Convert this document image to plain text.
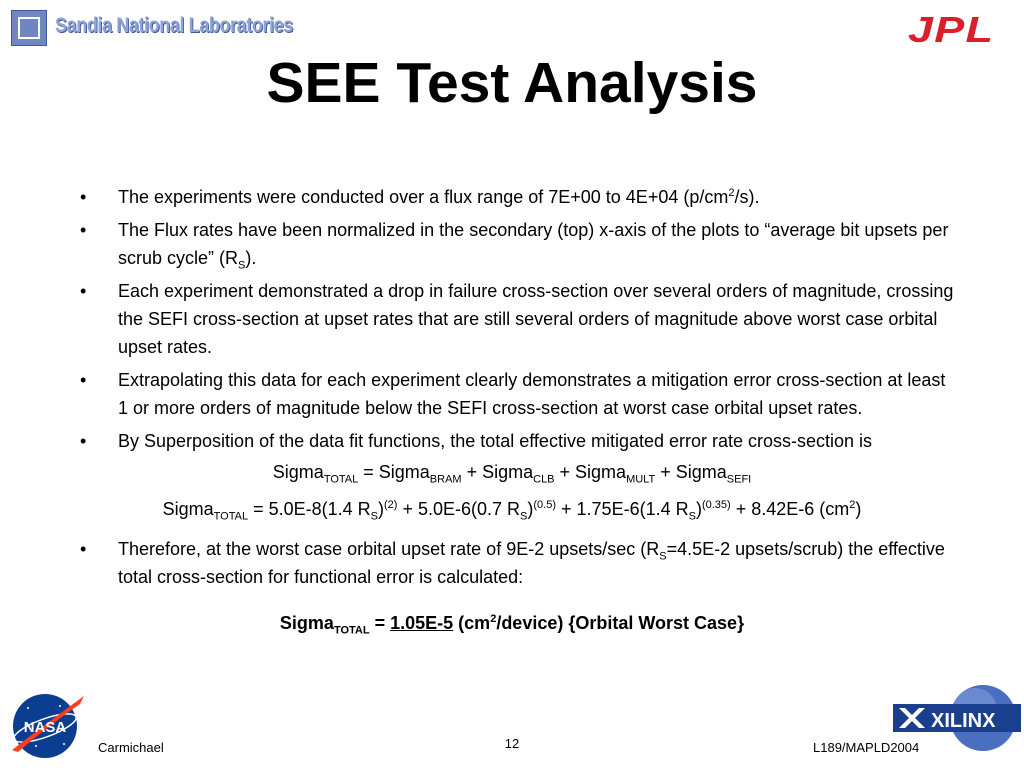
Sandia National Laboratories	JPL
SEE Test Analysis
• The experiments were conducted over a flux range of 7E+00 to 4E+04 $(p/cm^2/s)$.
• The Flux rates have been normalized in the secondary (top) x-axis of the plots to “average bit upsets per scrub cycle” $(R_S)$.
• Each experiment demonstrated a drop in failure cross-section over several orders of magnitude, crossing the SEFI cross-section at upset rates that are still several orders of magnitude above worst case orbital upset rates.
• Extrapolating this data for each experiment clearly demonstrates a mitigation error cross-section at least 1 or more orders of magnitude below the SEFI cross-section at worst case orbital upset rates.
• By Superposition of the data fit functions, the total effective mitigated error rate cross-section is
Sigma$_{TOTAL}$ = Sigma$_{BRAM}$ + Sigma$_{CLB}$ + Sigma$_{MULT}$ + Sigma$_{SEFI}$
Sigma$_{TOTAL}$ = 5.0E-8(1.4 $R_S)^{(2)} + 5.0E-6(0.7$ $R_S)^{(0.5)} + 1.75E-6(1.4$ $R_S)^{(0.35)} + 8.42E-6$ $(cm^2)$
• Therefore, at the worst case orbital upset rate of 9E-2 upsets/sec ($R_S=4.5E-2$ upsets/scrub) the effective total cross-section for functional error is calculated:
Sigma$_{TOTAL}$ = 1.05E-5 $(cm^2/device)$ {Orbital Worst Case}
NASA	XILINX
Carmichael	12	L189/MAPLD2004
